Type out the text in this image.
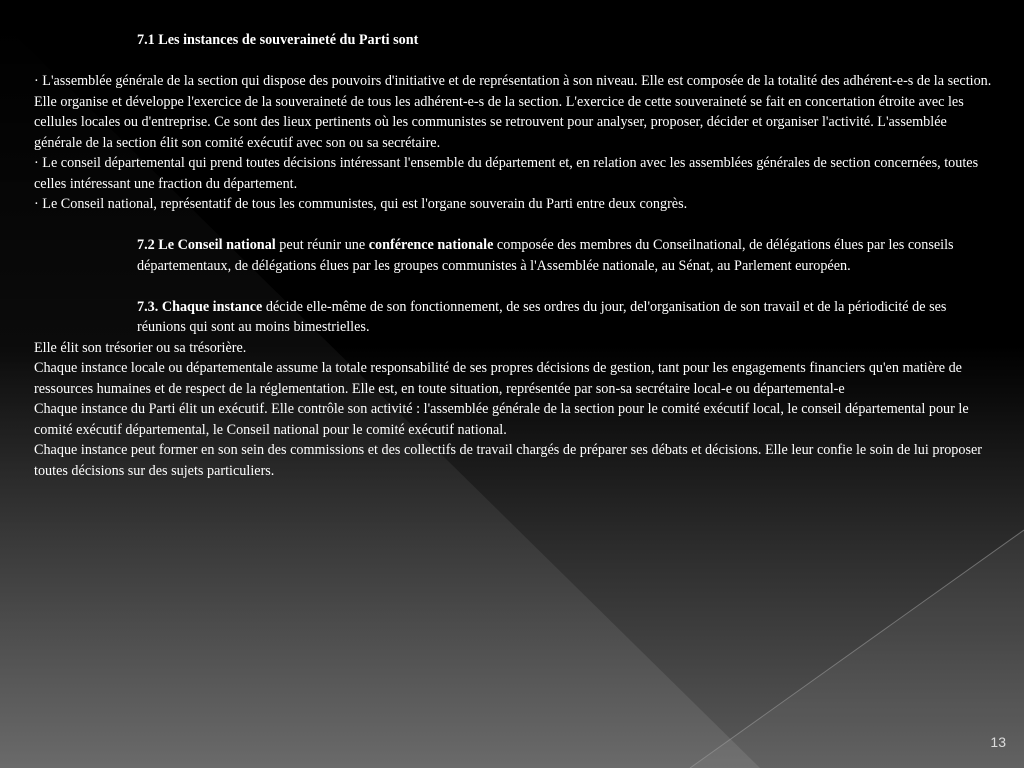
7.1 Les instances de souveraineté du Parti sont

· L'assemblée générale de la section qui dispose des pouvoirs d'initiative et de représentation à son niveau. Elle est composée de la totalité des adhérent-e-s de la section. Elle organise et développe l'exercice de la souveraineté de tous les adhérent-e-s de la section. L'exercice de cette souveraineté se fait en concertation étroite avec les cellules locales ou d'entreprise. Ce sont des lieux pertinents où les communistes se retrouvent pour analyser, proposer, décider et organiser l'activité. L'assemblée générale de la section élit son comité exécutif avec son ou sa secrétaire.

· Le conseil départemental qui prend toutes décisions intéressant l'ensemble du département et, en relation avec les assemblées générales de section concernées, toutes celles intéressant une fraction du département.

· Le Conseil national, représentatif de tous les communistes, qui est l'organe souverain du Parti entre deux congrès.

7.2 Le Conseil national peut réunir une conférence nationale composée des membres du Conseilnational, de délégations élues par les conseils départementaux, de délégations élues par les groupes communistes à l'Assemblée nationale, au Sénat, au Parlement européen.

7.3. Chaque instance décide elle-même de son fonctionnement, de ses ordres du jour, del'organisation de son travail et de la périodicité de ses réunions qui sont au moins bimestrielles.

Elle élit son trésorier ou sa trésorière.

Chaque instance locale ou départementale assume la totale responsabilité de ses propres décisions de gestion, tant pour les engagements financiers qu'en matière de ressources humaines et de respect de la réglementation. Elle est, en toute situation, représentée par son-sa secrétaire local-e ou départemental-e

Chaque instance du Parti élit un exécutif. Elle contrôle son activité : l'assemblée générale de la section pour le comité exécutif local, le conseil départemental pour le comité exécutif départemental, le Conseil national pour le comité exécutif national.

Chaque instance peut former en son sein des commissions et des collectifs de travail chargés de préparer ses débats et décisions. Elle leur confie le soin de lui proposer toutes décisions sur des sujets particuliers.

13
